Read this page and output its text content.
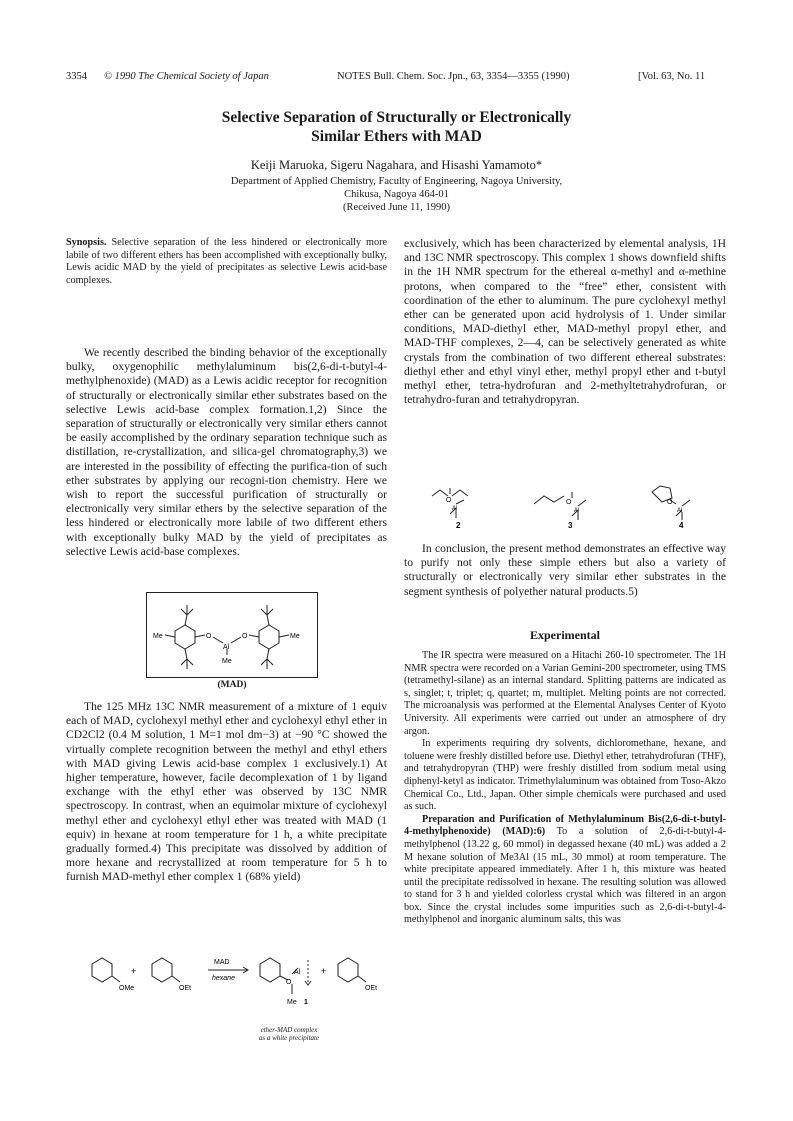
3354 © 1990 The Chemical Society of Japan	NOTES Bull. Chem. Soc. Jpn., 63, 3354—3355 (1990)	[Vol. 63, No. 11
Selective Separation of Structurally or Electronically
Similar Ethers with MAD
Keiji Maruoka, Sigeru Nagahara, and Hisashi Yamamoto*
Department of Applied Chemistry, Faculty of Engineering, Nagoya University,
Chikusa, Nagoya 464-01
(Received June 11, 1990)

Synopsis. Selective separation of the less hindered or electronically more labile of two different ethers has been accomplished with exceptionally bulky, Lewis acidic MAD by the yield of precipitates as selective Lewis acid-base complexes.

We recently described the binding behavior of the exceptionally bulky, oxygenophilic methylaluminum bis(2,6-di-t-butyl-4-methylphenoxide) (MAD) as a Lewis acidic receptor for recognition of structurally or electronically similar ether substrates based on the selective Lewis acid-base complex formation.1,2) Since the separation of structurally or electronically very similar ethers cannot be easily accomplished by the ordinary separation technique such as distillation, re-crystallization, and silica-gel chromatography,3) we are interested in the possibility of effecting the purifica-tion of such ether substrates by applying our recogni-tion chemistry. Here we wish to report the successful purification of structurally or electronically very similar ethers by the selective separation of the less hindered or electronically more labile of two different ethers with exceptionally bulky MAD by the yield of precipitates as selective Lewis acid-base complexes.

Me	Me
O	O
Al
Me
(MAD)

The 125 MHz 13C NMR measurement of a mixture of 1 equiv each of MAD, cyclohexyl methyl ether and cyclohexyl ethyl ether in CD2Cl2 (0.4 M solution, 1 M=1 mol dm−3) at −90 °C showed the virtually complete recognition between the methyl and ethyl ethers with MAD giving Lewis acid-base complex 1 exclusively.1) At higher temperature, however, facile decomplexation of 1 by ligand exchange with the ethyl ether was observed by 13C NMR spectroscopy. In contrast, when an equimolar mixture of cyclohexyl methyl ether and cyclohexyl ethyl ether was treated with MAD (1 equiv) in hexane at room temperature for 1 h, a white precipitate gradually formed.4) This precipitate was dissolved by addition of more hexane and recrystallized at room temperature for 5 h to furnish MAD-methyl ether complex 1 (68% yield)

OMe
+
OEt
MAD
hexane
O
Al
Me 1
+
OEt
ether-MAD complex
as a white precipitate

exclusively, which has been characterized by elemental analysis, 1H and 13C NMR spectroscopy. This complex 1 shows downfield shifts in the 1H NMR spectrum for the ethereal α-methyl and α-methine protons, when compared to the “free” ether, consistent with coordination of the ether to aluminum. The pure cyclohexyl methyl ether can be generated upon acid hydrolysis of 1. Under similar conditions, MAD-diethyl ether, MAD-methyl propyl ether, and MAD-THF complexes, 2—4, can be selectively generated as white crystals from the combination of two different ethereal substrates: diethyl ether and ethyl vinyl ether, methyl propyl ether and t-butyl methyl ether, tetra-hydrofuran and 2-methyltetrahydrofuran, or tetrahydro-furan and tetrahydropyran.

O
Al
O
Al
O
Al
2	3	4

In conclusion, the present method demonstrates an effective way to purify not only these simple ethers but also a variety of structurally or electronically very similar ether substrates in the segment synthesis of polyether natural products.5)

Experimental

The IR spectra were measured on a Hitachi 260-10 spectrometer. The 1H NMR spectra were recorded on a Varian Gemini-200 spectrometer, using TMS (tetramethyl-silane) as an internal standard. Splitting patterns are indicated as s, singlet; t, triplet; q, quartet; m, multiplet. Melting points are not corrected. The microanalysis was performed at the Elemental Analyses Center of Kyoto University. All experiments were carried out under an atmosphere of dry argon.

In experiments requiring dry solvents, dichloromethane, hexane, and toluene were freshly distilled before use. Diethyl ether, tetrahydrofuran (THF), and tetrahydropyran (THP) were freshly distilled from sodium metal using diphenyl-ketyl as indicator. Trimethylaluminum was obtained from Toso-Akzo Chemical Co., Ltd., Japan. Other simple chemicals were purchased and used as such.

Preparation and Purification of Methylaluminum Bis(2,6-di-t-butyl-4-methylphenoxide) (MAD):6) To a solution of 2,6-di-t-butyl-4-methylphenol (13.22 g, 60 mmol) in degassed hexane (40 mL) was added a 2 M hexane solution of Me3Al (15 mL, 30 mmol) at room temperature. The white precipitate appeared immediately. After 1 h, this mixture was heated until the precipitate redissolved in hexane. The resulting solution was allowed to stand for 3 h and yielded colorless crystal which was filtered in an argon box. Since the crystal includes some impurities such as 2,6-di-t-butyl-4-methylphenol and inorganic aluminum salts, this was
